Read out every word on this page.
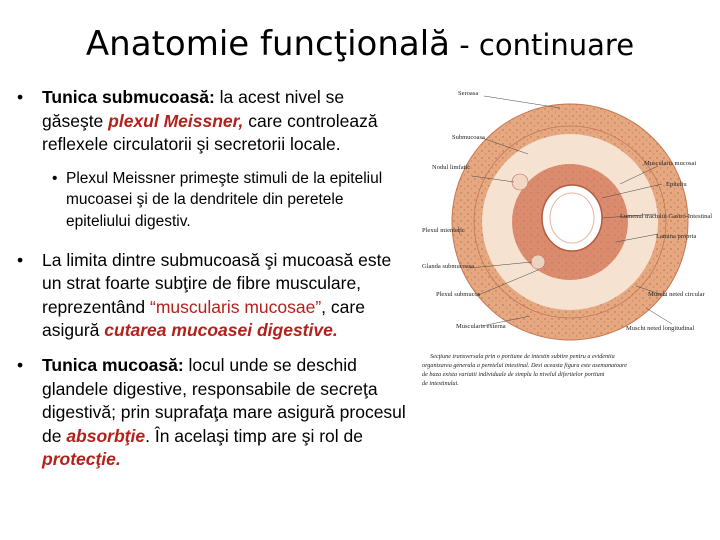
Anatomie funcţională - continuare
• Tunica submucoasă: la acest nivel se găseşte plexul Meissner, care controlează reflexele circulatorii şi secretorii locale.
• Plexul Meissner primeşte stimuli de la epiteliul mucoasei şi de la dendritele din peretele epiteliului digestiv.
• La limita dintre submucoasă şi mucoasă este un strat foarte subţire de fibre musculare, reprezentând “muscularis mucosae”, care asigură cutarea mucoasei digestive.
• Tunica mucoasă: locul unde se deschid glandele digestive, responsabile de secreţa digestivă; prin suprafaţa mare asigură procesul de absorbţie. În acelaşi timp are şi rol de protecţie.
Seroasa
Submucoasa
Nodul limfatic
Muscularis mucosai
Epiteliu
Lumenul tractului Gastro-Intestinal
Plexul mienteric
Glanda submucoasa
Lamina propria
Plexul submucos	Muschi neted circular
Muscularis externa	Muschi neted longitudinal
Secţiune transversala prin o portiune de intestin subtire pentru a evidentia
organizarea generala a peretelui intestinal. Desi aceasta figura este asemanatoare
de baza exista variatii individuale de simplu la nivelul diferitelor portiuni
de intestinului.
